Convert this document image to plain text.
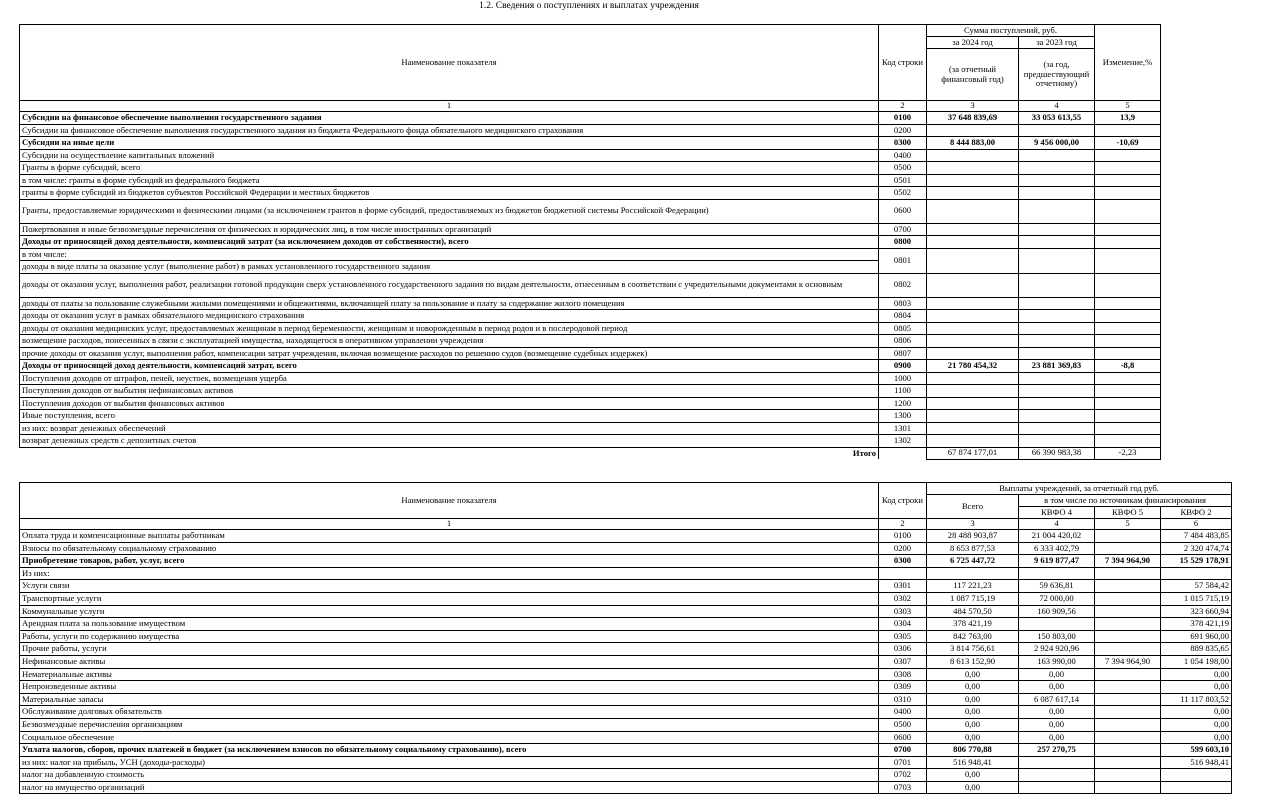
1.2. Сведения о поступлениях и выплатах учреждения
Наименование показателя	Код строки	Сумма поступлений, руб.		Изменение,%
		за 2024 год	за 2023 год	
		(за отчетный финансовый год)	(за год, предшествующий отчетному)	
1	2	3	4	5
Субсидии на финансовое обеспечение выполнения государственного задания	0100	37 648 839,69	33 053 613,55	13,9
Субсидии на финансовое обеспечение выполнения государственного задания из бюджета Федерального фонда обязательного медицинского страхования	0200			
Субсидии на иные цели	0300	8 444 883,00	9 456 000,00	-10,69
Субсидии на осуществление капитальных вложений	0400			
Гранты в форме субсидий, всего	0500			
в том числе: гранты в форме субсидий из федерального бюджета	0501			
гранты в форме субсидий из бюджетов субъектов Российской Федерации и местных бюджетов	0502			
Гранты, предоставляемые юридическими и физическими лицами (за исключением грантов в форме субсидий, предоставляемых из бюджетов бюджетной системы Российской Федерации)	0600			
Пожертвования и иные безвозмездные перечисления от физических и юридических лиц, в том числе иностранных организаций	0700			
Доходы от приносящей доход деятельности, компенсаций затрат (за исключением доходов от собственности), всего	0800			
в том числе:	0801			
доходы в виде платы за оказание услуг (выполнение работ) в рамках установленного государственного задания				
доходы от оказания услуг, выполнения работ, реализации готовой продукции сверх установленного государственного задания по видам деятельности, отнесенным в соответствии с учредительными документами к основным	0802			
доходы от платы за пользование служебными жилыми помещениями и общежитиями, включающей плату за пользование и плату за содержание жилого помещения	0803			
доходы от оказания услуг в рамках обязательного медицинского страхования	0804			
доходы от оказания медицинских услуг, предоставляемых женщинам в период беременности, женщинам и новорожденным в период родов и в послеродовой период	0805			
возмещение расходов, понесенных в связи с эксплуатацией имущества, находящегося в оперативном управлении учреждения	0806			
прочие доходы от оказания услуг, выполнения работ, компенсации затрат учреждения, включая возмещение расходов по решению судов (возмещение судебных издержек)	0807			
Доходы от приносящей доход деятельности, компенсаций затрат, всего	0900	21 780 454,32	23 881 369,83	-8,8
Поступления доходов от штрафов, пеней, неустоек, возмещения ущерба	1000			
Поступления доходов от выбытия нефинансовых активов	1100			
Поступления доходов от выбытия финансовых активов	1200			
Иные поступления, всего	1300			
из них: возврат денежных обеспечений	1301			
возврат денежных средств с депозитных счетов	1302			
Итого		67 874 177,01	66 390 983,38	-2,23
Наименование показателя	Код строки	Выплаты учреждений, за отчетный год руб.			
		Всего	в том числе по источникам финансирования		
			КВФО 4	КВФО 5	КВФО 2
1	2	3	4	5	6
Оплата труда и компенсационные выплаты работникам	0100	28 488 903,87	21 004 420,02		7 484 483,85
Взносы по обязательному социальному страхованию	0200	8 653 877,53	6 333 402,79		2 320 474,74
Приобретение товаров, работ, услуг, всего	0300	6 725 447,72	9 619 877,47	7 394 964,90	15 529 178,91
Из них:					
Услуги связи	0301	117 221,23	59 636,81		57 584,42
Транспортные услуги	0302	1 087 715,19	72 000,00		1 015 715,19
Коммунальные услуги	0303	484 570,50	160 909,56		323 660,94
Арендная плата за пользование имуществом	0304	378 421,19			378 421,19
Работы, услуги по содержанию имущества	0305	842 763,00	150 803,00		691 960,00
Прочие работы, услуги	0306	3 814 756,61	2 924 920,96		889 835,65
Нефинансовые активы	0307	8 613 152,90	163 990,00	7 394 964,90	1 054 198,00
Нематериальные активы	0308	0,00	0,00		0,00
Непроизведенные активы	0309	0,00	0,00		0,00
Материальные запасы	0310	0,00	6 087 617,14		11 117 803,52
Обслуживание долговых обязательств	0400	0,00	0,00		0,00
Безвозмездные перечисления организациям	0500	0,00	0,00		0,00
Социальное обеспечение	0600	0,00	0,00		0,00
Уплата налогов, сборов, прочих платежей в бюджет (за исключением взносов по обязательному социальному страхованию), всего	0700	806 770,88	257 270,75		599 603,10
из них: налог на прибыль, УСН (доходы-расходы)	0701	516 948,41			516 948,41
налог на добавленную стоимость	0702	0,00			
налог на имущество организаций	0703	0,00			
